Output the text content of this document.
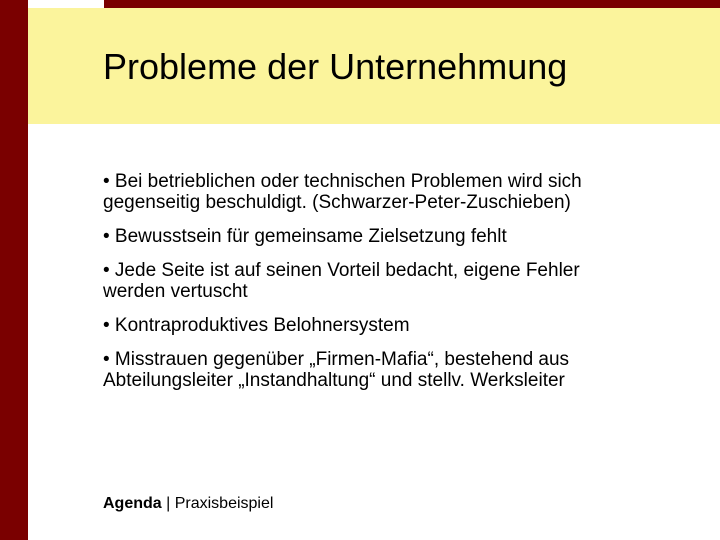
Probleme der Unternehmung
• Bei betrieblichen oder technischen Problemen wird sich gegenseitig beschuldigt. (Schwarzer-Peter-Zuschieben)
• Bewusstsein für gemeinsame Zielsetzung fehlt
• Jede Seite ist auf seinen Vorteil bedacht, eigene Fehler werden vertuscht
• Kontraproduktives Belohnersystem
• Misstrauen gegenüber „Firmen-Mafia“, bestehend aus Abteilungsleiter „Instandhaltung“ und stellv. Werksleiter
Agenda | Praxisbeispiel
